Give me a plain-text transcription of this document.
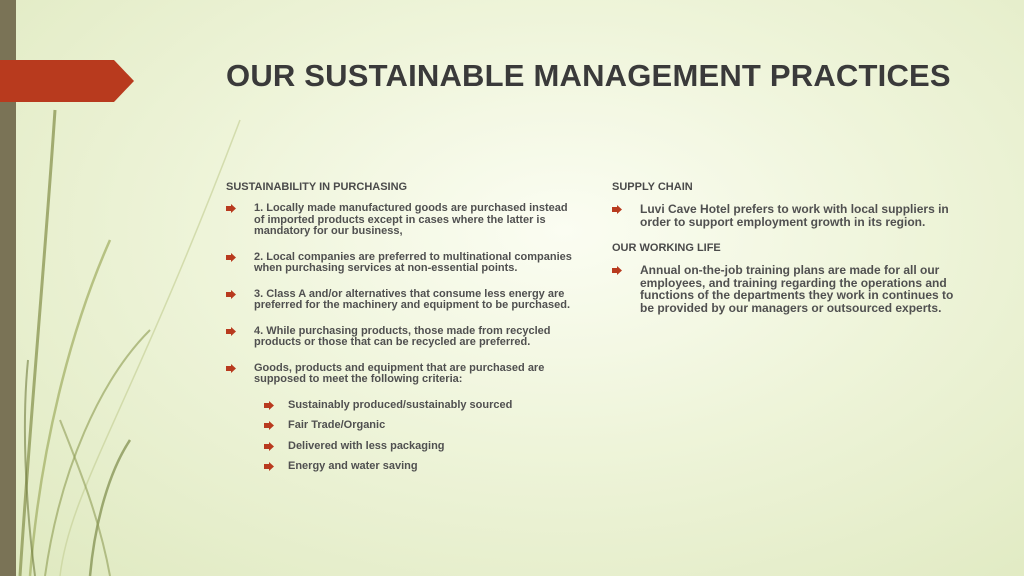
OUR SUSTAINABLE MANAGEMENT PRACTICES
SUSTAINABILITY IN PURCHASING
1. Locally made manufactured goods are purchased instead of imported products except in cases where the latter is mandatory for our business,
2. Local companies are preferred to multinational companies when purchasing services at non-essential points.
3. Class A and/or alternatives that consume less energy are preferred for the machinery and equipment to be purchased.
4. While purchasing products, those made from recycled products or those that can be recycled are preferred.
Goods, products and equipment that are purchased are supposed to meet the following criteria:
Sustainably produced/sustainably sourced
Fair Trade/Organic
Delivered with less packaging
Energy and water saving
SUPPLY CHAIN
Luvi Cave Hotel prefers to work with local suppliers in order to support employment growth in its region.
OUR WORKING LIFE
Annual on-the-job training plans are made for all our employees, and training regarding the operations and functions of the departments they work in continues to be provided by our managers or outsourced experts.
